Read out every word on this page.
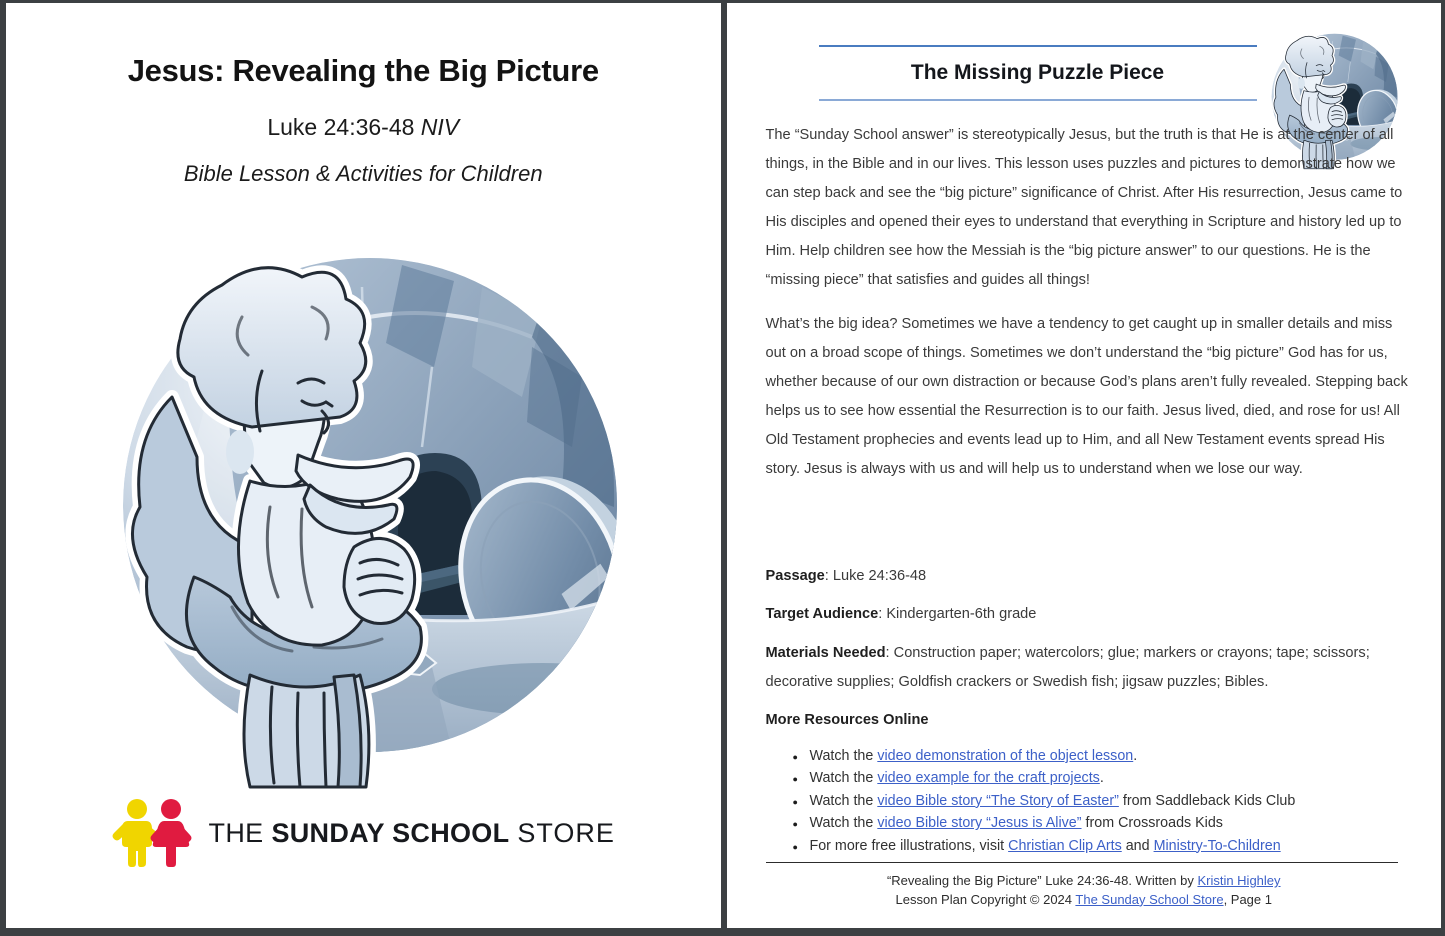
Jesus: Revealing the Big Picture
Luke 24:36-48 NIV
Bible Lesson & Activities for Children
THE SUNDAY SCHOOL STORE
The Missing Puzzle Piece
The “Sunday School answer” is stereotypically Jesus, but the truth is that He is at the center of all things, in the Bible and in our lives. This lesson uses puzzles and pictures to demonstrate how we can step back and see the “big picture” significance of Christ. After His resurrection, Jesus came to His disciples and opened their eyes to understand that everything in Scripture and history led up to Him. Help children see how the Messiah is the “big picture answer” to our questions. He is the “missing piece” that satisfies and guides all things!
What’s the big idea? Sometimes we have a tendency to get caught up in smaller details and miss out on a broad scope of things. Sometimes we don’t understand the “big picture” God has for us, whether because of our own distraction or because God’s plans aren’t fully revealed. Stepping back helps us to see how essential the Resurrection is to our faith. Jesus lived, died, and rose for us! All Old Testament prophecies and events lead up to Him, and all New Testament events spread His story. Jesus is always with us and will help us to understand when we lose our way.
Passage: Luke 24:36-48
Target Audience: Kindergarten-6th grade
Materials Needed: Construction paper; watercolors; glue; markers or crayons; tape; scissors; decorative supplies; Goldfish crackers or Swedish fish; jigsaw puzzles; Bibles.
More Resources Online
● Watch the video demonstration of the object lesson.
● Watch the video example for the craft projects.
● Watch the video Bible story “The Story of Easter” from Saddleback Kids Club
● Watch the video Bible story “Jesus is Alive” from Crossroads Kids
● For more free illustrations, visit Christian Clip Arts and Ministry-To-Children
“Revealing the Big Picture” Luke 24:36-48. Written by Kristin Highley
Lesson Plan Copyright © 2024 The Sunday School Store, Page 1
